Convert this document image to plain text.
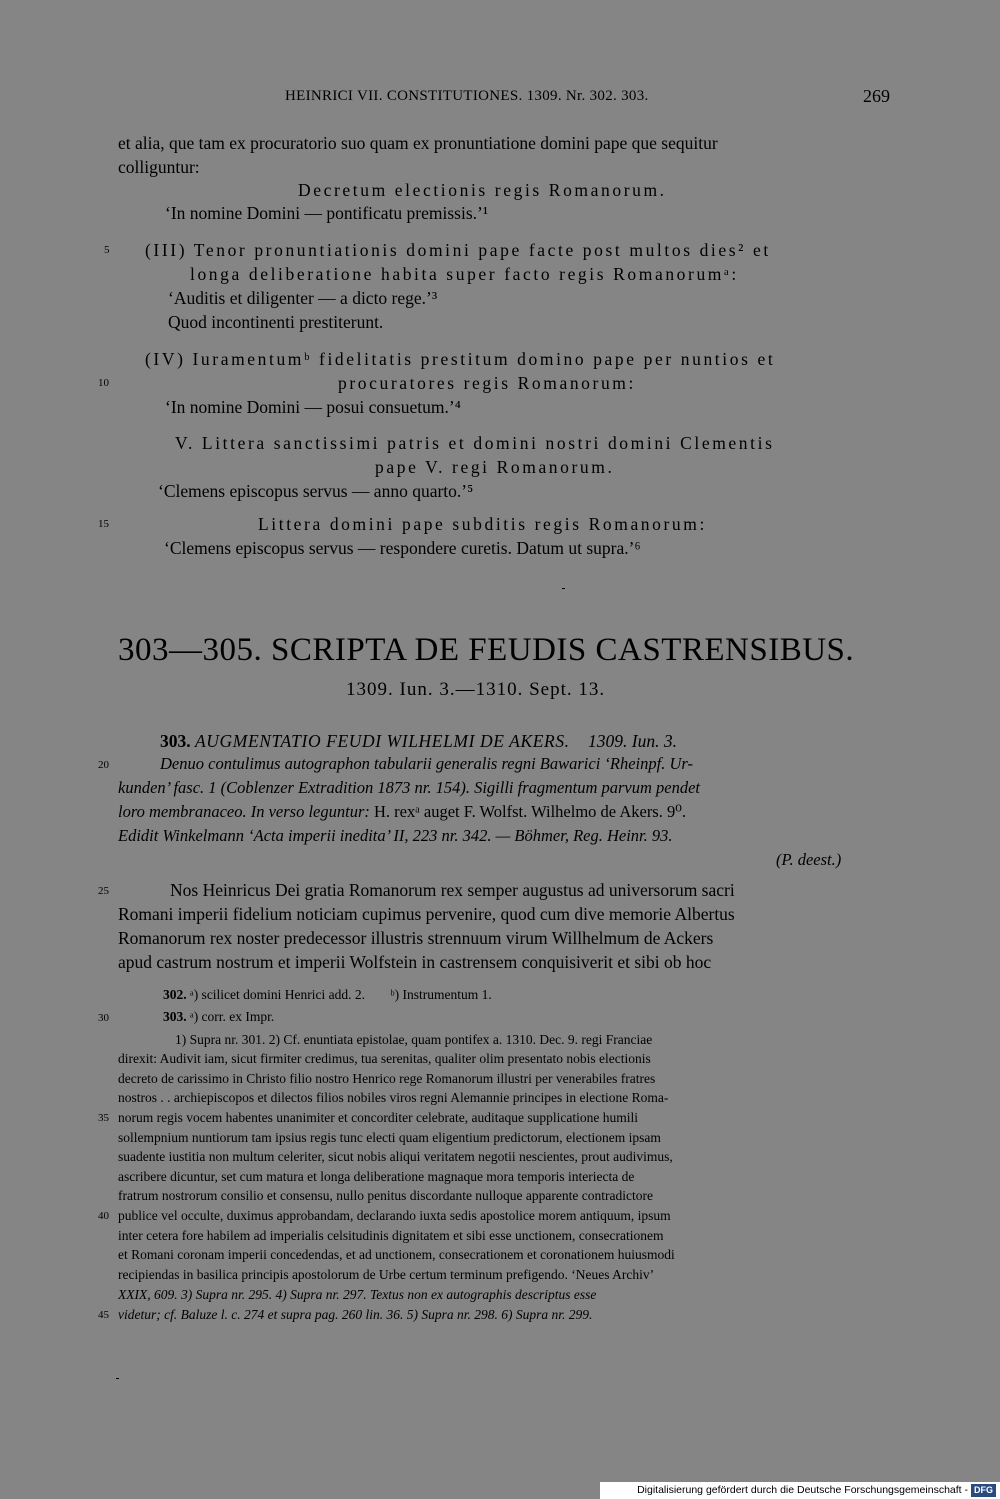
HEINRICI VII. CONSTITUTIONES. 1309. Nr. 302. 303.	269
et alia, que tam ex procuratorio suo quam ex pronuntiatione domini pape que sequitur
colliguntur:
Decretum electionis regis Romanorum.
‘In nomine Domini — pontificatu premissis.’¹
5 (III) Tenor pronuntiationis domini pape facte post multos dies² et
longa deliberatione habita super facto regis Romanorumᵃ:
‘Auditis et diligenter — a dicto rege.’³
Quod incontinenti prestiterunt.
(IV) Iuramentumᵇ fidelitatis prestitum domino pape per nuntios et
10	procuratores regis Romanorum:
‘In nomine Domini — posui consuetum.’⁴
V. Littera sanctissimi patris et domini nostri domini Clementis
pape V. regi Romanorum.
‘Clemens episcopus servus — anno quarto.’⁵
15	Littera domini pape subditis regis Romanorum:
‘Clemens episcopus servus — respondere curetis. Datum ut supra.’⁶
303—305. SCRIPTA DE FEUDIS CASTRENSIBUS.
1309. Iun. 3.—1310. Sept. 13.
303. AUGMENTATIO FEUDI WILHELMI DE AKERS. 1309. Iun. 3.
20	Denuo contulimus autographon tabularii generalis regni Bawarici ‘Rheinpf. Ur-
kunden’ fasc. 1 (Coblenzer Extradition 1873 nr. 154). Sigilli fragmentum parvum pendet
loro membranaceo. In verso leguntur: H. rexᵃ auget F. Wolfst. Wilhelmo de Akers. 9⁰.
Edidit Winkelmann ‘Acta imperii inedita’ II, 223 nr. 342. — Böhmer, Reg. Heinr. 93.
(P. deest.)
25	Nos Heinricus Dei gratia Romanorum rex semper augustus ad universorum sacri
Romani imperii fidelium noticiam cupimus pervenire, quod cum dive memorie Albertus
Romanorum rex noster predecessor illustris strennuum virum Willhelmum de Ackers
apud castrum nostrum et imperii Wolfstein in castrensem conquisiverit et sibi ob hoc
302. ᵃ) scilicet domini Henrici add. 2. ᵇ) Instrumentum 1.
30	303. ᵃ) corr. ex Impr.
1) Supra nr. 301. 2) Cf. enuntiata epistolae, quam pontifex a. 1310. Dec. 9. regi Franciae
direxit: Audivit iam, sicut firmiter credimus, tua serenitas, qualiter olim presentato nobis electionis
decreto de carissimo in Christo filio nostro Henrico rege Romanorum illustri per venerabiles fratres
nostros . . archiepiscopos et dilectos filios nobiles viros regni Alemannie principes in electione Roma-
35 norum regis vocem habentes unanimiter et concorditer celebrate, auditaque supplicatione humili
sollempnium nuntiorum tam ipsius regis tunc electi quam eligentium predictorum, electionem ipsam
suadente iustitia non multum celeriter, sicut nobis aliqui veritatem negotii nescientes, prout audivimus,
ascribere dicuntur, set cum matura et longa deliberatione magnaque mora temporis interiecta de
fratrum nostrorum consilio et consensu, nullo penitus discordante nulloque apparente contradictore
40 publice vel occulte, duximus approbandam, declarando iuxta sedis apostolice morem antiquum, ipsum
inter cetera fore habilem ad imperialis celsitudinis dignitatem et sibi esse unctionem, consecrationem
et Romani coronam imperii concedendas, et ad unctionem, consecrationem et coronationem huiusmodi
recipiendas in basilica principis apostolorum de Urbe certum terminum prefigendo. ‘Neues Archiv’
XXIX, 609. 3) Supra nr. 295. 4) Supra nr. 297. Textus non ex autographis descriptus esse
45 videtur; cf. Baluze l. c. 274 et supra pag. 260 lin. 36. 5) Supra nr. 298. 6) Supra nr. 299.
Digitalisierung gefördert durch die Deutsche Forschungsgemeinschaft - DFG
